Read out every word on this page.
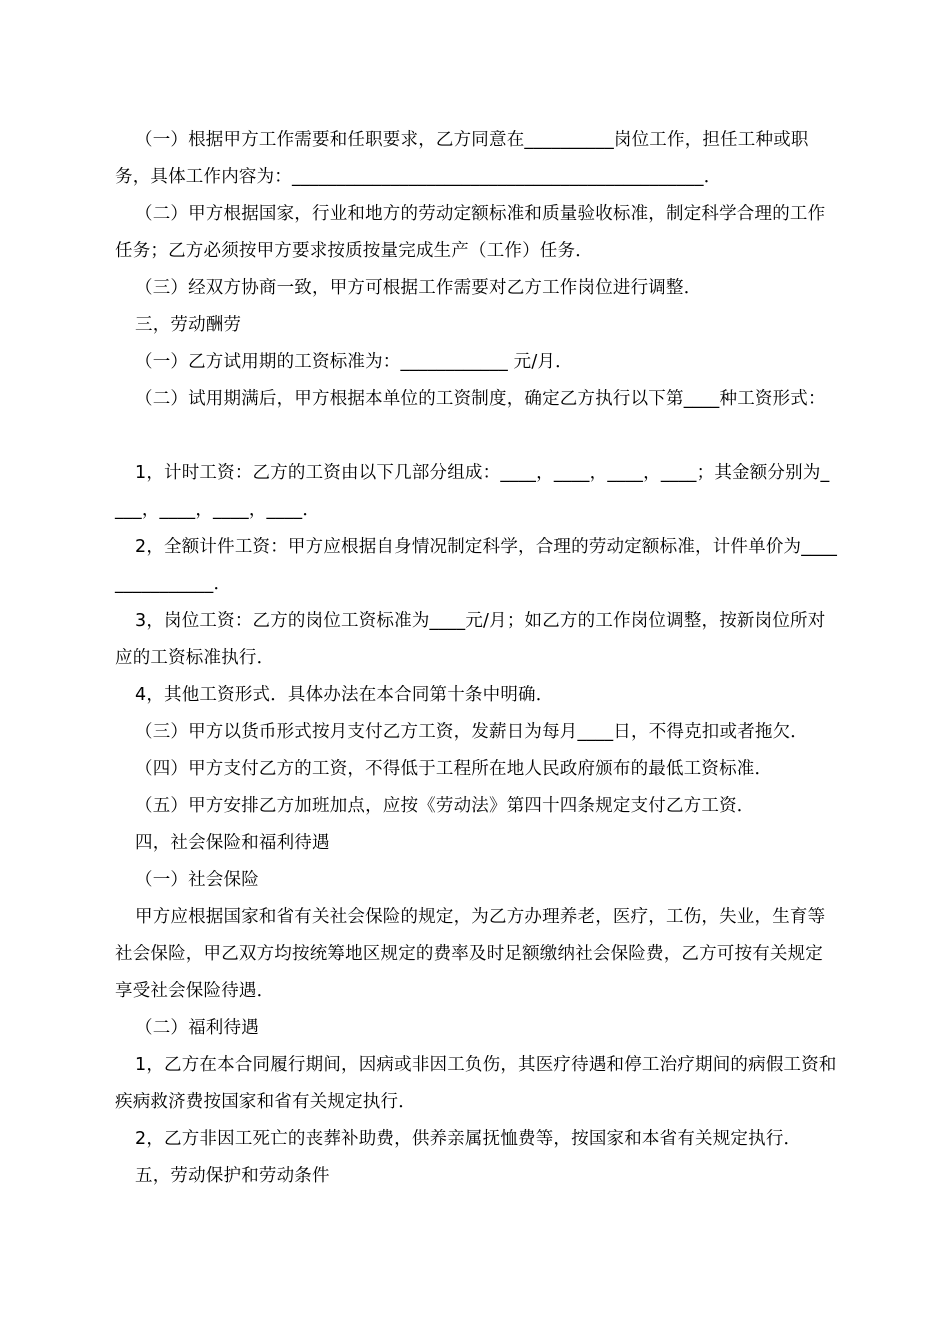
（一）根据甲方工作需要和任职要求，乙方同意在__________岗位工作，担任工种或职务，具体工作内容为：______________________________________________．

（二）甲方根据国家，行业和地方的劳动定额标准和质量验收标准，制定科学合理的工作任务；乙方必须按甲方要求按质按量完成生产（工作）任务．

（三）经双方协商一致，甲方可根据工作需要对乙方工作岗位进行调整．

三，劳动酬劳

（一）乙方试用期的工资标准为：____________ 元/月．

（二）试用期满后，甲方根据本单位的工资制度，确定乙方执行以下第____种工资形式：

1，计时工资：乙方的工资由以下几部分组成：____，____，____，____；其金额分别为____，____，____，____．

2，全额计件工资：甲方应根据自身情况制定科学，合理的劳动定额标准，计件单价为_______________．

3，岗位工资：乙方的岗位工资标准为____元/月；如乙方的工作岗位调整，按新岗位所对应的工资标准执行．

4，其他工资形式．具体办法在本合同第十条中明确．

（三）甲方以货币形式按月支付乙方工资，发薪日为每月____日，不得克扣或者拖欠．

（四）甲方支付乙方的工资，不得低于工程所在地人民政府颁布的最低工资标准．

（五）甲方安排乙方加班加点，应按《劳动法》第四十四条规定支付乙方工资．

四，社会保险和福利待遇

（一）社会保险

甲方应根据国家和省有关社会保险的规定，为乙方办理养老，医疗，工伤，失业，生育等社会保险，甲乙双方均按统筹地区规定的费率及时足额缴纳社会保险费，乙方可按有关规定享受社会保险待遇．

（二）福利待遇

1，乙方在本合同履行期间，因病或非因工负伤，其医疗待遇和停工治疗期间的病假工资和疾病救济费按国家和省有关规定执行．

2，乙方非因工死亡的丧葬补助费，供养亲属抚恤费等，按国家和本省有关规定执行．

五，劳动保护和劳动条件
